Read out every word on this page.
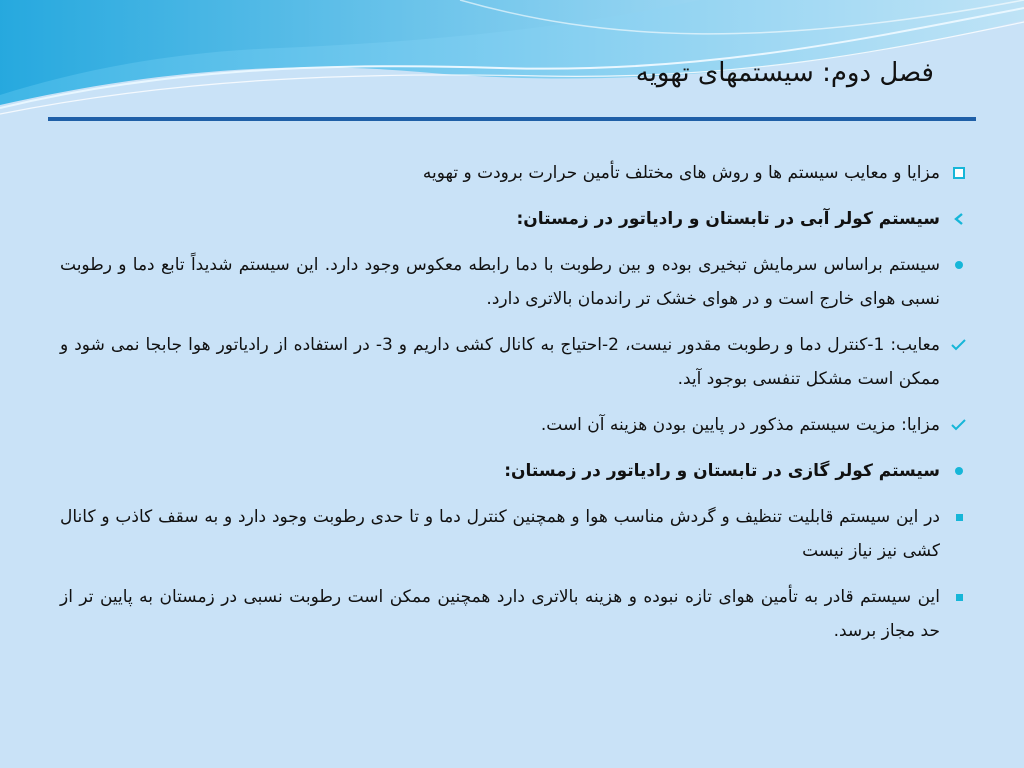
فصل دوم: سیستمهای تهویه
مزایا و معایب سیستم ها و روش های مختلف تأمین حرارت برودت و تهویه
سیستم کولر آبی در تابستان و رادیاتور در زمستان:
سیستم براساس سرمایش تبخیری بوده و بین رطوبت با دما رابطه معکوس وجود دارد. این سیستم شدیداً تابع دما و رطوبت نسبی هوای خارج است و در هوای خشک تر راندمان بالاتری دارد.
معایب: 1-کنترل دما و رطوبت مقدور نیست، 2-احتیاج به کانال کشی داریم و 3- در استفاده از رادیاتور هوا جابجا نمی شود و ممکن است مشکل تنفسی بوجود آید.
مزایا: مزیت سیستم مذکور در پایین بودن هزینه آن است.
سیستم کولر گازی در تابستان و رادیاتور در زمستان:
در این سیستم قابلیت تنظیف و گردش مناسب هوا و همچنین کنترل دما و تا حدی رطوبت وجود دارد و به سقف کاذب و کانال کشی نیز نیاز نیست
این سیستم قادر به تأمین هوای تازه نبوده و هزینه بالاتری دارد همچنین ممکن است رطوبت نسبی در زمستان به پایین تر از حد مجاز برسد.
